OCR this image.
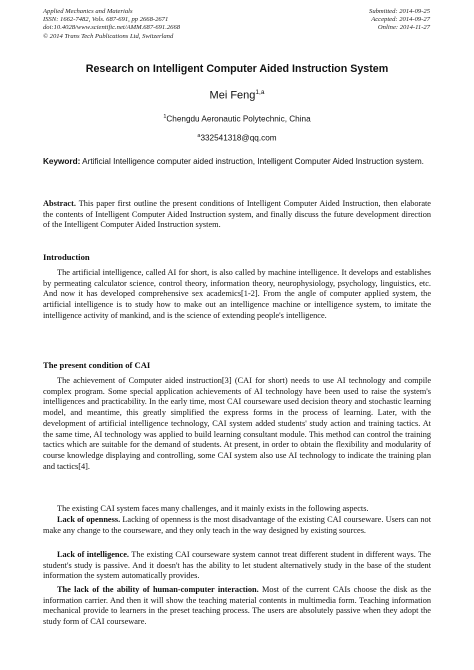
Applied Mechanics and Materials
ISSN: 1662-7482, Vols. 687-691, pp 2668-2671
doi:10.4028/www.scientific.net/AMM.687-691.2668
© 2014 Trans Tech Publications Ltd, Switzerland
Submitted: 2014-09-25
Accepted: 2014-09-27
Online: 2014-11-27
Research on Intelligent Computer Aided Instruction System
Mei Feng$^{1,a}$
$^1$Chengdu Aeronautic Polytechnic, China
$^a$332541318@qq.com
Keyword: Artificial Intelligence computer aided instruction, Intelligent Computer Aided Instruction system.
Abstract. This paper first outline the present conditions of Intelligent Computer Aided Instruction, then elaborate the contents of Intelligent Computer Aided Instruction system, and finally discuss the future development direction of the Intelligent Computer Aided Instruction system.
Introduction
The artificial intelligence, called AI for short, is also called by machine intelligence. It develops and establishes by permeating calculator science, control theory, information theory, neurophysiology, psychology, linguistics, etc. And now it has developed comprehensive sex academics[1-2]. From the angle of computer applied system, the artificial intelligence is to study how to make out an intelligence machine or intelligence system, to imitate the intelligence activity of mankind, and is the science of extending people's intelligence.
The present condition of CAI
The achievement of Computer aided instruction[3] (CAI for short) needs to use AI technology and compile complex program. Some special application achievements of AI technology have been used to raise the system's intelligences and practicability. In the early time, most CAI courseware used decision theory and stochastic learning model, and meantime, this greatly simplified the express forms in the process of learning. Later, with the development of artificial intelligence technology, CAI system added students' study action and training tactics. At the same time, AI technology was applied to build learning consultant module. This method can control the training tactics which are suitable for the demand of students. At present, in order to obtain the flexibility and modularity of course knowledge displaying and controlling, some CAI system also use AI technology to indicate the training plan and tactics[4].
The existing CAI system faces many challenges, and it mainly exists in the following aspects.
Lack of openness. Lacking of openness is the most disadvantage of the existing CAI courseware. Users can not make any change to the courseware, and they only teach in the way designed by existing sources.
Lack of intelligence. The existing CAI courseware system cannot treat different student in different ways. The student's study is passive. And it doesn't has the ability to let student alternatively study in the base of the student information the system automatically provides.
The lack of the ability of human-computer interaction. Most of the current CAIs choose the disk as the information carrier. And then it will show the teaching material contents in multimedia form. Teaching information mechanical provide to learners in the preset teaching process. The users are absolutely passive when they adopt the study form of CAI courseware.
